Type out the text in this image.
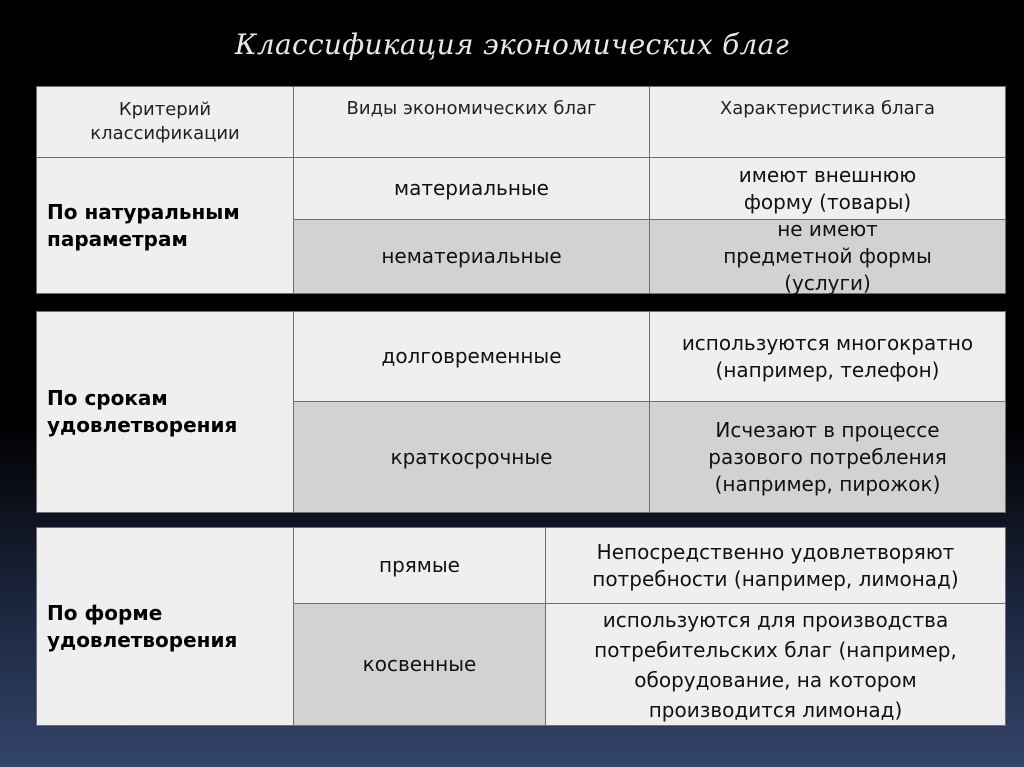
Классификация экономических благ
Критерий классификации
Виды экономических благ	Характеристика блага
По натуральным параметрам
материальные
имеют внешнюю форму (товары)
нематериальные
не имеют предметной формы (услуги)
По срокам удовлетворения
долговременные
используются многократно (например, телефон)
краткосрочные
Исчезают в процессе разового потребления (например, пирожок)
По форме удовлетворения
прямые
Непосредственно удовлетворяют потребности (например, лимонад)
косвенные
используются для производства потребительских благ (например, оборудование, на котором производится лимонад)
